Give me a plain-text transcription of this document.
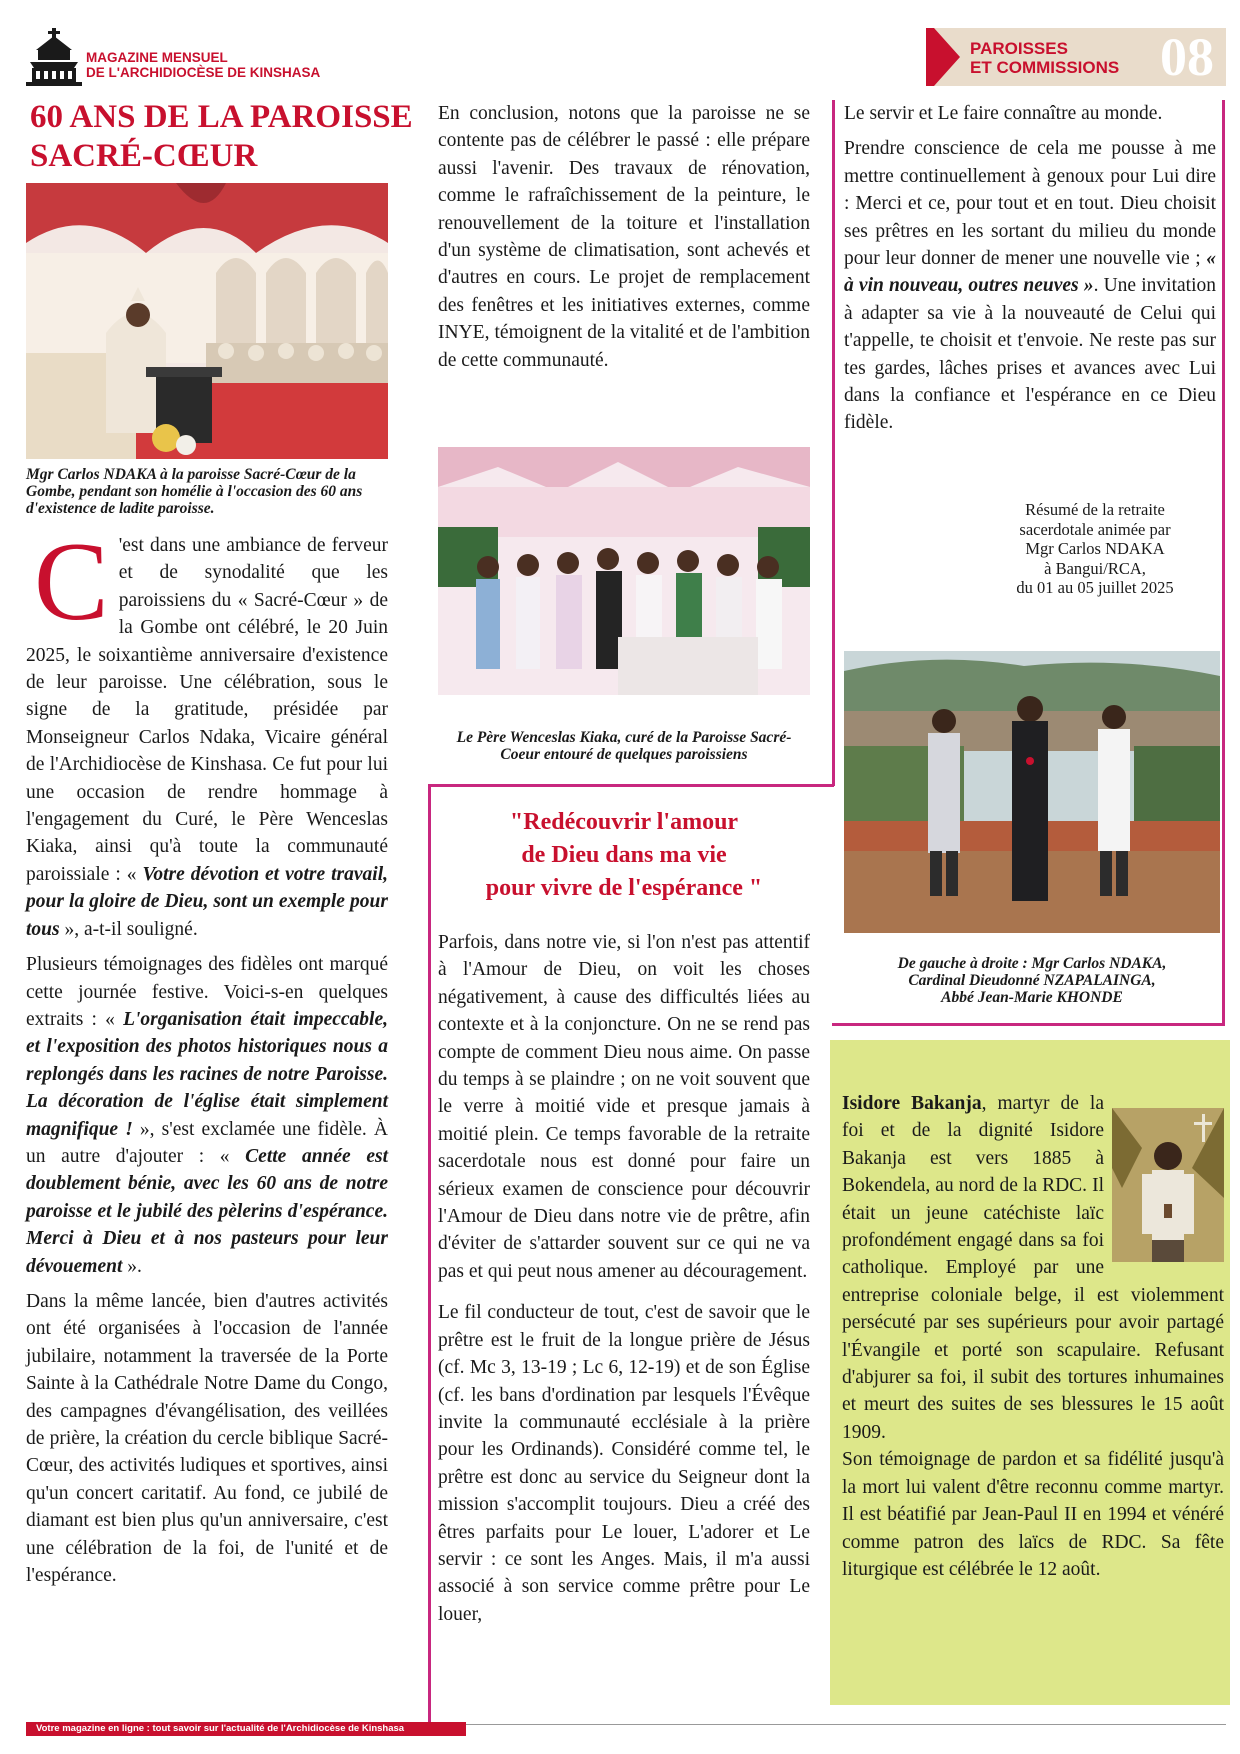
MAGAZINE MENSUEL
DE L'ARCHIDIOCÈSE DE KINSHASA
PAROISSES
ET COMMISSIONS 08
60 ANS DE LA PAROISSE
SACRÉ-CŒUR
Mgr Carlos NDAKA à la paroisse Sacré-Cœur de la Gombe, pendant son homélie à l'occasion des 60 ans d'existence de ladite paroisse.

C 'est dans une ambiance de ferveur et de synodalité que les paroissiens du « Sacré-Cœur » de la Gombe ont célébré, le 20 Juin 2025, le soixantième anniversaire d'existence de leur paroisse. Une célébration, sous le signe de la gratitude, présidée par Monseigneur Carlos Ndaka, Vicaire général de l'Archidiocèse de Kinshasa. Ce fut pour lui une occasion de rendre hommage à l'engagement du Curé, le Père Wenceslas Kiaka, ainsi qu'à toute la communauté paroissiale : « Votre dévotion et votre travail, pour la gloire de Dieu, sont un exemple pour tous », a-t-il souligné.

Plusieurs témoignages des fidèles ont marqué cette journée festive. Voici-s-en quelques extraits : « L'organisation était impeccable, et l'exposition des photos historiques nous a replongés dans les racines de notre Paroisse. La décoration de l'église était simplement magnifique ! », s'est exclamée une fidèle. À un autre d'ajouter : « Cette année est doublement bénie, avec les 60 ans de notre paroisse et le jubilé des pèlerins d'espérance. Merci à Dieu et à nos pasteurs pour leur dévouement ».

Dans la même lancée, bien d'autres activités ont été organisées à l'occasion de l'année jubilaire, notamment la traversée de la Porte Sainte à la Cathédrale Notre Dame du Congo, des campagnes d'évangélisation, des veillées de prière, la création du cercle biblique Sacré-Cœur, des activités ludiques et sportives, ainsi qu'un concert caritatif. Au fond, ce jubilé de diamant est bien plus qu'un anniversaire, c'est une célébration de la foi, de l'unité et de l'espérance.

En conclusion, notons que la paroisse ne se contente pas de célébrer le passé : elle prépare aussi l'avenir. Des travaux de rénovation, comme le rafraîchissement de la peinture, le renouvellement de la toiture et l'installation d'un système de climatisation, sont achevés et d'autres en cours. Le projet de remplacement des fenêtres et les initiatives externes, comme INYE, témoignent de la vitalité et de l'ambition de cette communauté.

Le Père Wenceslas Kiaka, curé de la Paroisse Sacré-Coeur entouré de quelques paroissiens
"Redécouvrir l'amour
de Dieu dans ma vie
pour vivre de l'espérance "

Parfois, dans notre vie, si l'on n'est pas attentif à l'Amour de Dieu, on voit les choses négativement, à cause des difficultés liées au contexte et à la conjoncture. On ne se rend pas compte de comment Dieu nous aime. On passe du temps à se plaindre ; on ne voit souvent que le verre à moitié vide et presque jamais à moitié plein. Ce temps favorable de la retraite sacerdotale nous est donné pour faire un sérieux examen de conscience pour découvrir l'Amour de Dieu dans notre vie de prêtre, afin d'éviter de s'attarder souvent sur ce qui ne va pas et qui peut nous amener au découragement.

Le fil conducteur de tout, c'est de savoir que le prêtre est le fruit de la longue prière de Jésus (cf. Mc 3, 13-19 ; Lc 6, 12-19) et de son Église (cf. les bans d'ordination par lesquels l'Évêque invite la communauté ecclésiale à la prière pour les Ordinands). Considéré comme tel, le prêtre est donc au service du Seigneur dont la mission s'accomplit toujours. Dieu a créé des êtres parfaits pour Le louer, L'adorer et Le servir : ce sont les Anges. Mais, il m'a aussi associé à son service comme prêtre pour Le louer,

Le servir et Le faire connaître au monde.

Prendre conscience de cela me pousse à me mettre continuellement à genoux pour Lui dire : Merci et ce, pour tout et en tout. Dieu choisit ses prêtres en les sortant du milieu du monde pour leur donner de mener une nouvelle vie ; « à vin nouveau, outres neuves ». Une invitation à adapter sa vie à la nouveauté de Celui qui t'appelle, te choisit et t'envoie. Ne reste pas sur tes gardes, lâches prises et avances avec Lui dans la confiance et l'espérance en ce Dieu fidèle.

Résumé de la retraite
sacerdotale animée par
Mgr Carlos NDAKA
à Bangui/RCA,
du 01 au 05 juillet 2025
De gauche à droite : Mgr Carlos NDAKA,
Cardinal Dieudonné NZAPALAINGA,
Abbé Jean-Marie KHONDE

Isidore Bakanja, martyr de la foi et de la dignité Isidore Bakanja est vers 1885 à Bokendela, au nord de la RDC. Il était un jeune catéchiste laïc profondément engagé dans sa foi catholique. Employé par une entreprise coloniale belge, il est violemment persécuté par ses supérieurs pour avoir partagé l'Évangile et porté son scapulaire. Refusant d'abjurer sa foi, il subit des tortures inhumaines et meurt des suites de ses blessures le 15 août 1909.

Son témoignage de pardon et sa fidélité jusqu'à la mort lui valent d'être reconnu comme martyr. Il est béatifié par Jean-Paul II en 1994 et vénéré comme patron des laïcs de RDC. Sa fête liturgique est célébrée le 12 août.

Votre magazine en ligne : tout savoir sur l'actualité de l'Archidiocèse de Kinshasa
